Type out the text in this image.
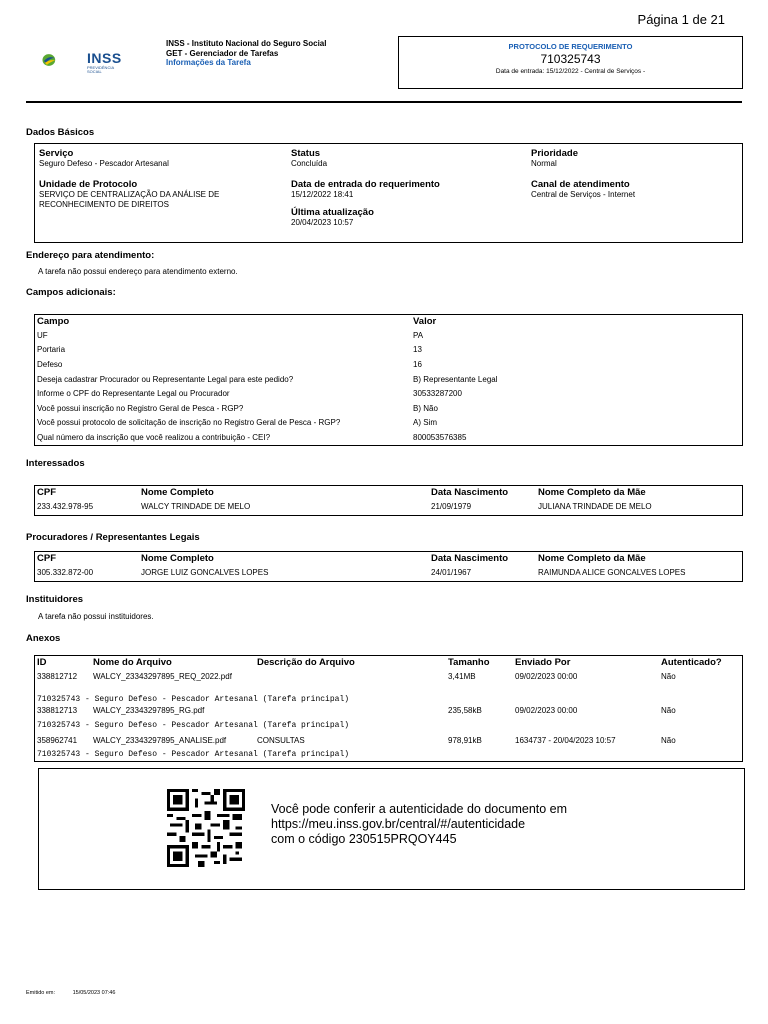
Página 1 de 21
INSS
PREVIDÊNCIA SOCIAL
INSS - Instituto Nacional do Seguro Social
GET - Gerenciador de Tarefas
Informações da Tarefa
PROTOCOLO DE REQUERIMENTO
710325743
Data de entrada: 15/12/2022 - Central de Serviços -
Dados Básicos
Serviço
Seguro Defeso - Pescador Artesanal
Status
Concluída
Prioridade
Normal
Unidade de Protocolo
SERVIÇO DE CENTRALIZAÇÃO DA ANÁLISE DE
RECONHECIMENTO DE DIREITOS
Data de entrada do requerimento
15/12/2022 18:41
Canal de atendimento
Central de Serviços - Internet
Última atualização
20/04/2023 10:57
Endereço para atendimento:
A tarefa não possui endereço para atendimento externo.
Campos adicionais:
Campo	Valor
UF	PA
Portaria	13
Defeso	16
Deseja cadastrar Procurador ou Representante Legal para este pedido?	B) Representante Legal
Informe o CPF do Representante Legal ou Procurador	30533287200
Você possui inscrição no Registro Geral de Pesca - RGP?	B) Não
Você possui protocolo de solicitação de inscrição no Registro Geral de Pesca - RGP?	A) Sim
Qual número da inscrição que você realizou a contribuição - CEI?	800053576385
Interessados
CPF	Nome Completo	Data Nascimento	Nome Completo da Mãe
233.432.978-95	WALCY TRINDADE DE MELO	21/09/1979	JULIANA TRINDADE DE MELO
Procuradores / Representantes Legais
CPF	Nome Completo	Data Nascimento	Nome Completo da Mãe
305.332.872-00	JORGE LUIZ GONCALVES LOPES	24/01/1967	RAIMUNDA ALICE GONCALVES LOPES
Instituidores
A tarefa não possui instituidores.
Anexos
ID	Nome do Arquivo	Descrição do Arquivo	Tamanho	Enviado Por	Autenticado?
338812712	WALCY_23343297895_REQ_2022.pdf		3,41MB	09/02/2023 00:00	Não
710325743 - Seguro Defeso - Pescador Artesanal (Tarefa principal)					
338812713	WALCY_23343297895_RG.pdf		235,58kB	09/02/2023 00:00	Não
710325743 - Seguro Defeso - Pescador Artesanal (Tarefa principal)					
358962741	WALCY_23343297895_ANALISE.pdf	CONSULTAS	978,91kB	1634737 - 20/04/2023 10:57	Não
710325743 - Seguro Defeso - Pescador Artesanal (Tarefa principal)					
Você pode conferir a autenticidade do documento em
https://meu.inss.gov.br/central/#/autenticidade
com o código 230515PRQOY445
Emitido em:	15/05/2023 07:46
